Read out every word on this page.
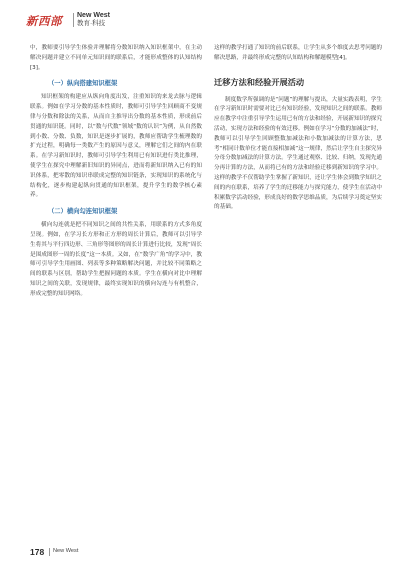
新西部 New West
教育·科技

中，教师要引导学生体验并理解将分数知识纳入知识框架中，在主动解决问题并建立不同单元知识间的联系后，才能形成整体的认知结构[3]。

（一）纵向搭建知识框架

知识框架的构建应从纵向角度出发，注重知识的来龙去脉与逻辑联系。例如在学习分数的基本性质时，教师可引导学生回顾商不变规律与分数和除法的关系，从而自主推导出分数的基本性质，形成前后贯通的知识链。同时，以“数与代数”领域“数的认识”为例，从自然数到小数、分数、负数，知识是逐步扩展的，教师应帮助学生梳理数的扩充过程，明确每一类数产生的原因与意义，理解它们之间的内在联系。在学习新知识时，教师可引导学生利用已有知识进行类比推理，使学生在探究中理解新旧知识的异同点，进而将新知识纳入已有的知识体系，把零散的知识串联成完整的知识链条，实现知识的系统化与结构化，逐步构建起纵向贯通的知识框架，提升学生的数学核心素养。

（二）横向勾连知识框架

横向勾连就是把不同知识之间的共性关系，用联系的方式多角度呈现。例如，在学习长方形和正方形的周长计算后，教师可以引导学生将其与平行四边形、三角形等图形的周长计算进行比较，发现“周长是围成图形一周的长度”这一本质。又如，在“数学广角”的学习中，教师可引导学生用画图、列表等多种策略解决问题，并比较不同策略之间的联系与区别，帮助学生把握问题的本质。学生在横向对比中理解知识之间的关联，发现规律，最终实现知识的横向勾连与有机整合，形成完整的知识网络。

这样的教学打通了知识的前后联系，让学生从多个维度去思考问题的解决思路，并最终形成完整的认知结构和解题模型[4]。

迁移方法和经验开展活动

制度数学所强调的是“问题”的理解与提出，大量实践表明，学生在学习新知识时需要对比已有知识经验，发现知识之间的联系。教师应在教学中注重引导学生运用已有的方法和经验，开展新知识的探究活动，实现方法和经验的有效迁移。例如在学习“分数的加减法”时，教师可以引导学生回顾整数加减法和小数加减法的计算方法，思考“相同计数单位才能直接相加减”这一规律，然后让学生自主探究异分母分数加减法的计算方法。学生通过观察、比较、归纳，发现先通分再计算的方法，从而将已有的方法和经验迁移到新知识的学习中。这样的教学不仅帮助学生掌握了新知识，还让学生体会到数学知识之间的内在联系，培养了学生的迁移能力与探究能力，使学生在活动中积累数学活动经验，形成良好的数学思维品质，为后续学习奠定坚实的基础。

178 New West
